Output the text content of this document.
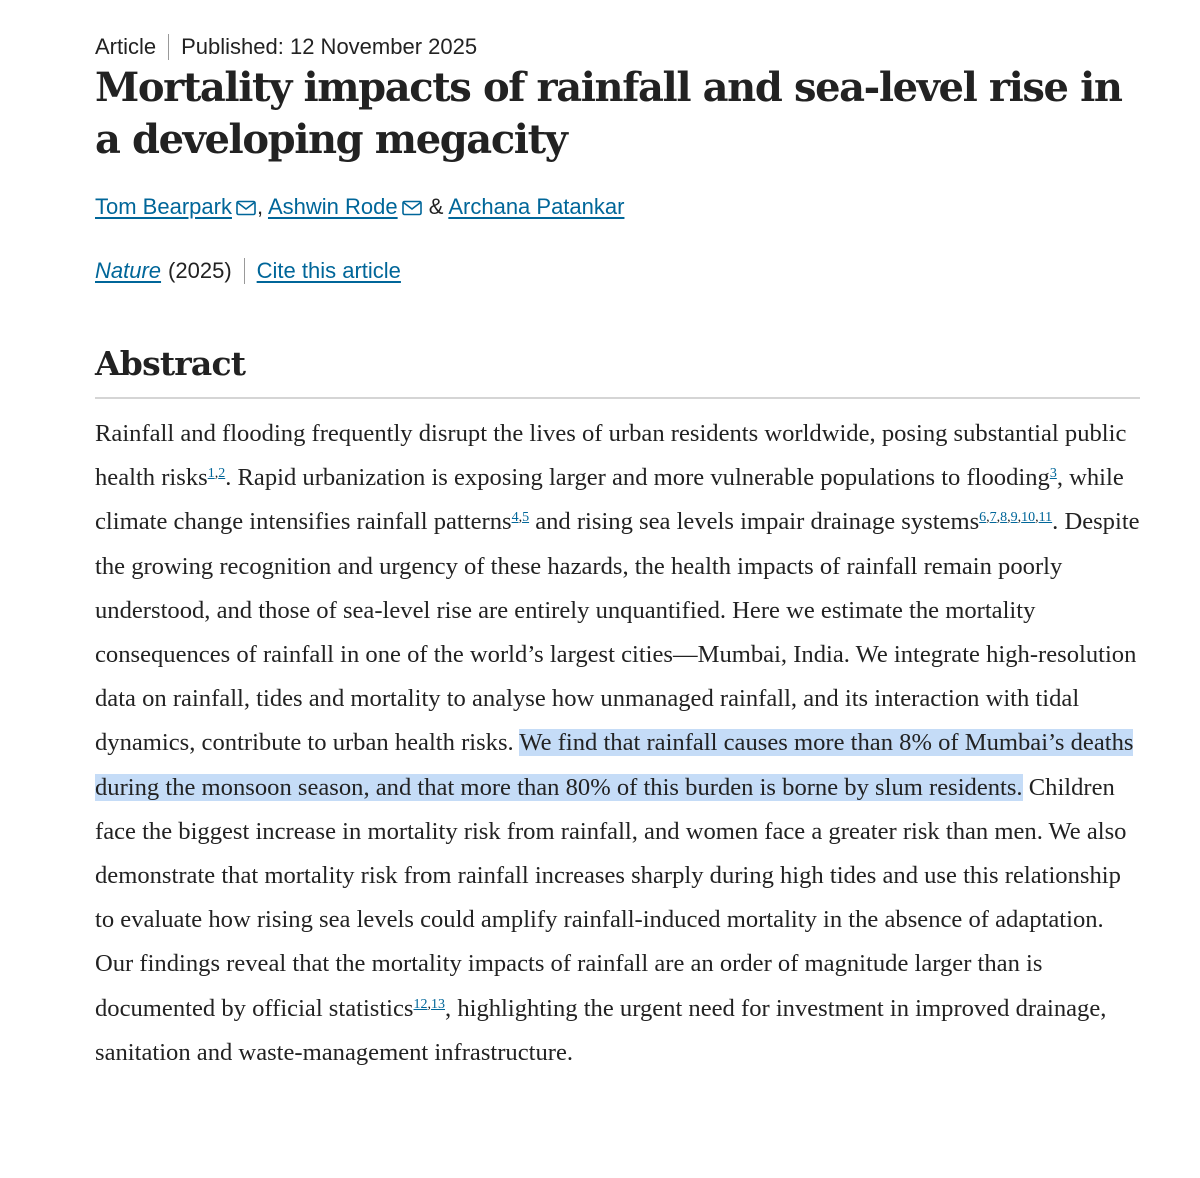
Article Published: 12 November 2025
Mortality impacts of rainfall and sea-level rise in a developing megacity
Tom Bearpark , Ashwin Rode & Archana Patankar
Nature (2025) Cite this article
Abstract

Rainfall and flooding frequently disrupt the lives of urban residents worldwide, posing substantial public health risks$^{1,2}$. Rapid urbanization is exposing larger and more vulnerable populations to flooding$^3$, while climate change intensifies rainfall patterns$^{4,5}$ and rising sea levels impair drainage systems$^{6,7,8,9,10,11}$. Despite the growing recognition and urgency of these hazards, the health impacts of rainfall remain poorly understood, and those of sea-level rise are entirely unquantified. Here we estimate the mortality consequences of rainfall in one of the world’s largest cities—Mumbai, India. We integrate high-resolution data on rainfall, tides and mortality to analyse how unmanaged rainfall, and its interaction with tidal dynamics, contribute to urban health risks. We find that rainfall causes more than 8% of Mumbai’s deaths during the monsoon season, and that more than 80% of this burden is borne by slum residents. Children face the biggest increase in mortality risk from rainfall, and women face a greater risk than men. We also demonstrate that mortality risk from rainfall increases sharply during high tides and use this relationship to evaluate how rising sea levels could amplify rainfall-induced mortality in the absence of adaptation. Our findings reveal that the mortality impacts of rainfall are an order of magnitude larger than is documented by official statistics$^{12,13}$, highlighting the urgent need for investment in improved drainage, sanitation and waste-management infrastructure.
